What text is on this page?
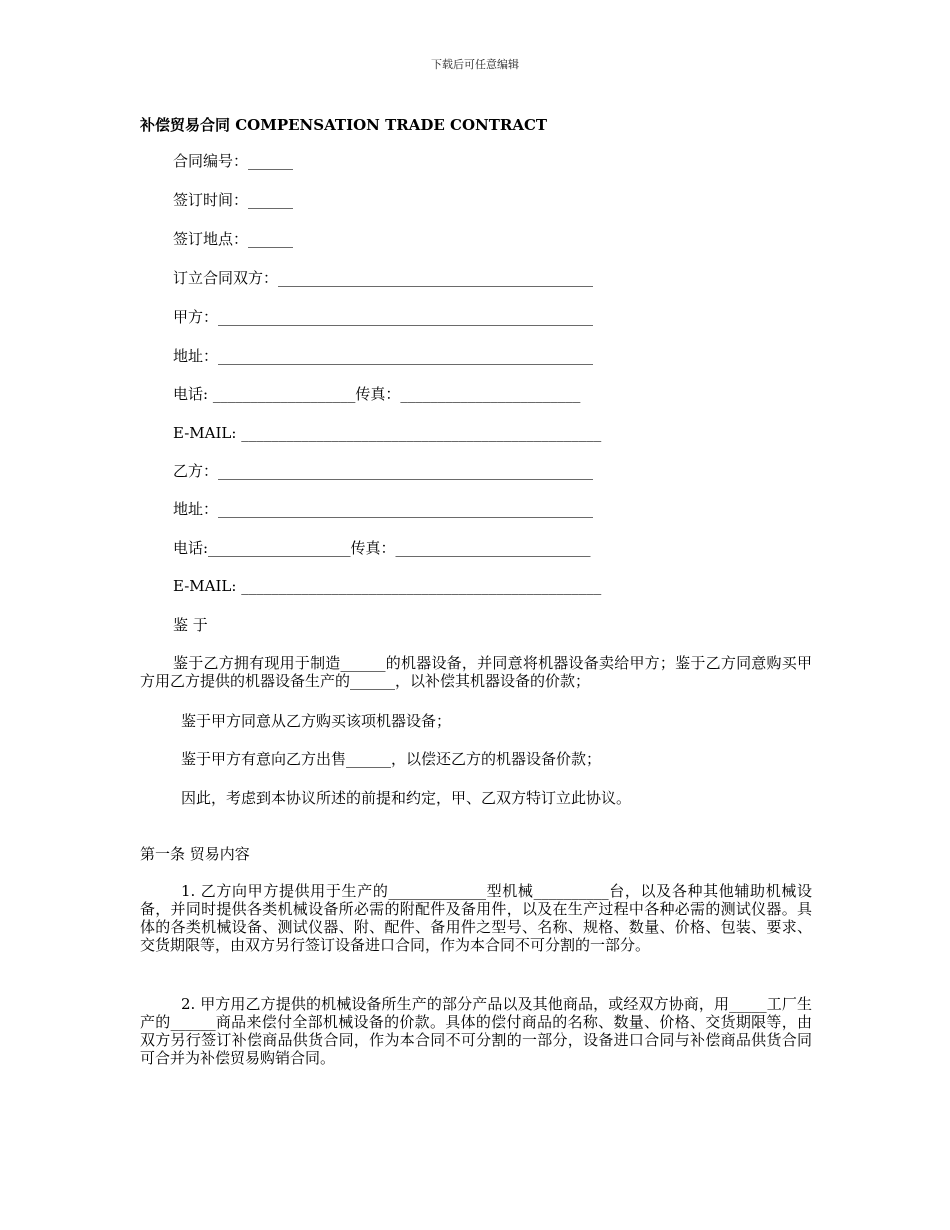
下载后可任意编辑
补偿贸易合同 COMPENSATION TRADE CONTRACT
合同编号：______
签订时间：______
签订地点：______
订立合同双方：__________________________________________
甲方：__________________________________________________
地址：__________________________________________________
电话: ___________________传真：________________________
E-MAIL: ________________________________________________
乙方：__________________________________________________
地址：__________________________________________________
电话:___________________传真：__________________________
E-MAIL: ________________________________________________
鉴 于
鉴于乙方拥有现用于制造______的机器设备，并同意将机器设备卖给甲方；鉴于乙方同意购买甲方用乙方提供的机器设备生产的______，以补偿其机器设备的价款；
鉴于甲方同意从乙方购买该项机器设备；
鉴于甲方有意向乙方出售______，以偿还乙方的机器设备价款；
因此，考虑到本协议所述的前提和约定，甲、乙双方特订立此协议。
第一条 贸易内容
1. 乙方向甲方提供用于生产的_____________型机械__________台，以及各种其他辅助机械设备，并同时提供各类机械设备所必需的附配件及备用件，以及在生产过程中各种必需的测试仪器。具体的各类机械设备、测试仪器、附、配件、备用件之型号、名称、规格、数量、价格、包装、要求、交货期限等，由双方另行签订设备进口合同，作为本合同不可分割的一部分。
2. 甲方用乙方提供的机械设备所生产的部分产品以及其他商品，或经双方协商，用_____工厂生产的______商品来偿付全部机械设备的价款。具体的偿付商品的名称、数量、价格、交货期限等，由双方另行签订补偿商品供货合同，作为本合同不可分割的一部分，设备进口合同与补偿商品供货合同可合并为补偿贸易购销合同。
